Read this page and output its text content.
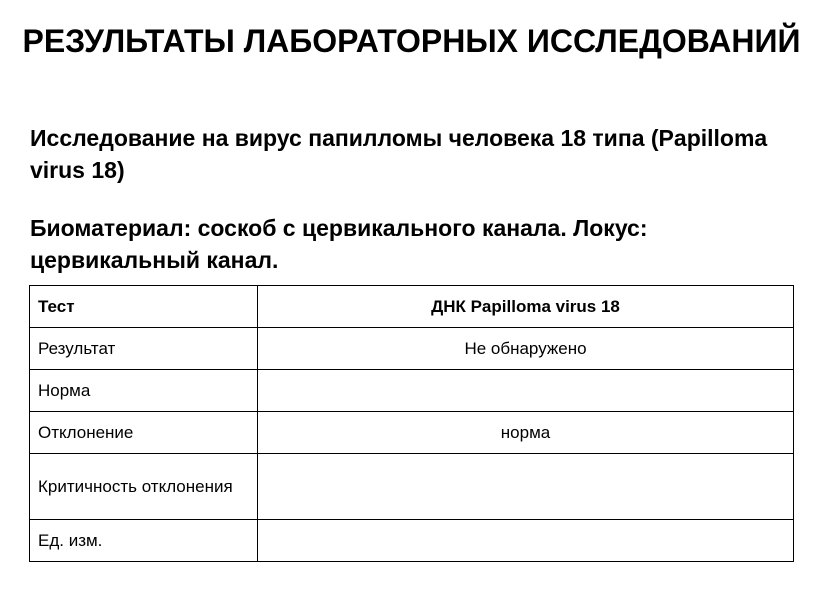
РЕЗУЛЬТАТЫ ЛАБОРАТОРНЫХ ИССЛЕДОВАНИЙ

Исследование на вирус папилломы человека 18 типа (Papilloma virus 18)

Биоматериал: соскоб с цервикального канала. Локус: цервикальный канал.

Тест	ДНК Papilloma virus 18
Результат	Не обнаружено
Норма	
Отклонение	норма
Критичность отклонения	
Ед. изм.	
